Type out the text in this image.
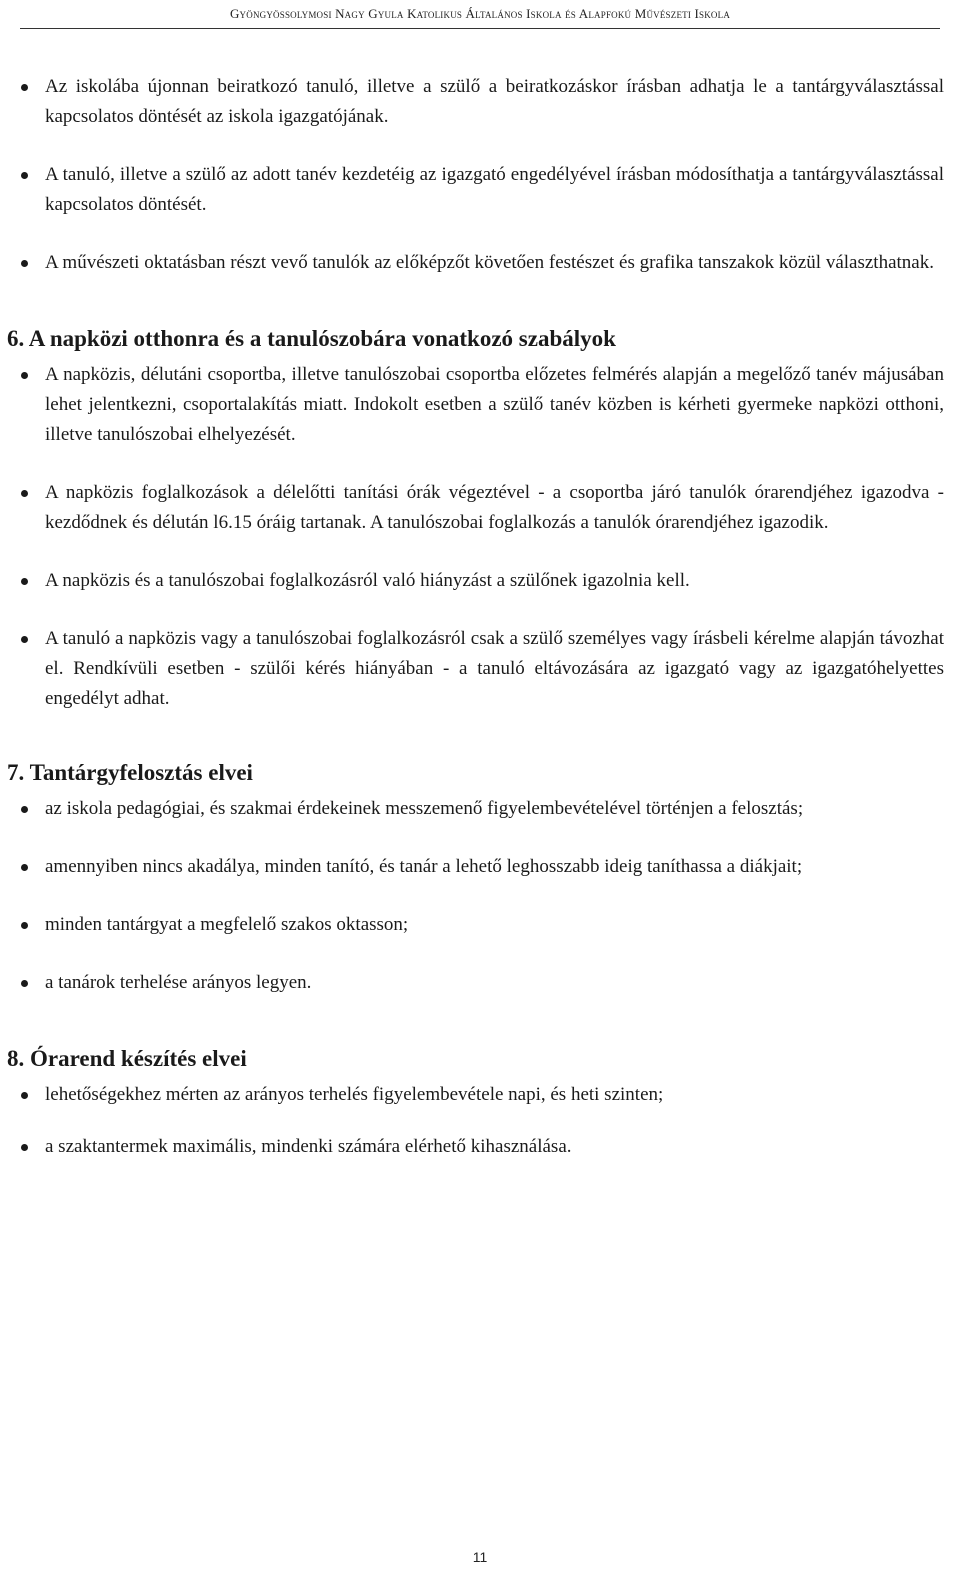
Gyöngyössolymosi Nagy Gyula Katolikus Általános Iskola és Alapfokú Művészeti Iskola
Az iskolába újonnan beiratkozó tanuló, illetve a szülő a beiratkozáskor írásban adhatja le a tantárgyválasztással kapcsolatos döntését az iskola igazgatójának.
A tanuló, illetve a szülő az adott tanév kezdetéig az igazgató engedélyével írásban módosíthatja a tantárgyválasztással kapcsolatos döntését.
A művészeti oktatásban részt vevő tanulók az előképzőt követően festészet és grafika tanszakok közül választhatnak.
6. A napközi otthonra és a tanulószobára vonatkozó szabályok
A napközis, délutáni csoportba, illetve tanulószobai csoportba előzetes felmérés alapján a megelőző tanév májusában lehet jelentkezni, csoportalakítás miatt. Indokolt esetben a szülő tanév közben is kérheti gyermeke napközi otthoni, illetve tanulószobai elhelyezését.
A napközis foglalkozások a délelőtti tanítási órák végeztével - a csoportba járó tanulók órarendjéhez igazodva - kezdődnek és délután l6.15 óráig tartanak. A tanulószobai foglalkozás a tanulók órarendjéhez igazodik.
A napközis és a tanulószobai foglalkozásról való hiányzást a szülőnek igazolnia kell.
A tanuló a napközis vagy a tanulószobai foglalkozásról csak a szülő személyes vagy írásbeli kérelme alapján távozhat el. Rendkívüli esetben - szülői kérés hiányában - a tanuló eltávozására az igazgató vagy az igazgatóhelyettes engedélyt adhat.
7. Tantárgyfelosztás elvei
az iskola pedagógiai, és szakmai érdekeinek messzemenő figyelembevételével történjen a felosztás;
amennyiben nincs akadálya, minden tanító, és tanár a lehető leghosszabb ideig taníthassa a diákjait;
minden tantárgyat a megfelelő szakos oktasson;
a tanárok terhelése arányos legyen.
8. Órarend készítés elvei
lehetőségekhez mérten az arányos terhelés figyelembevétele napi, és heti szinten;
a szaktantermek maximális, mindenki számára elérhető kihasználása.
11
